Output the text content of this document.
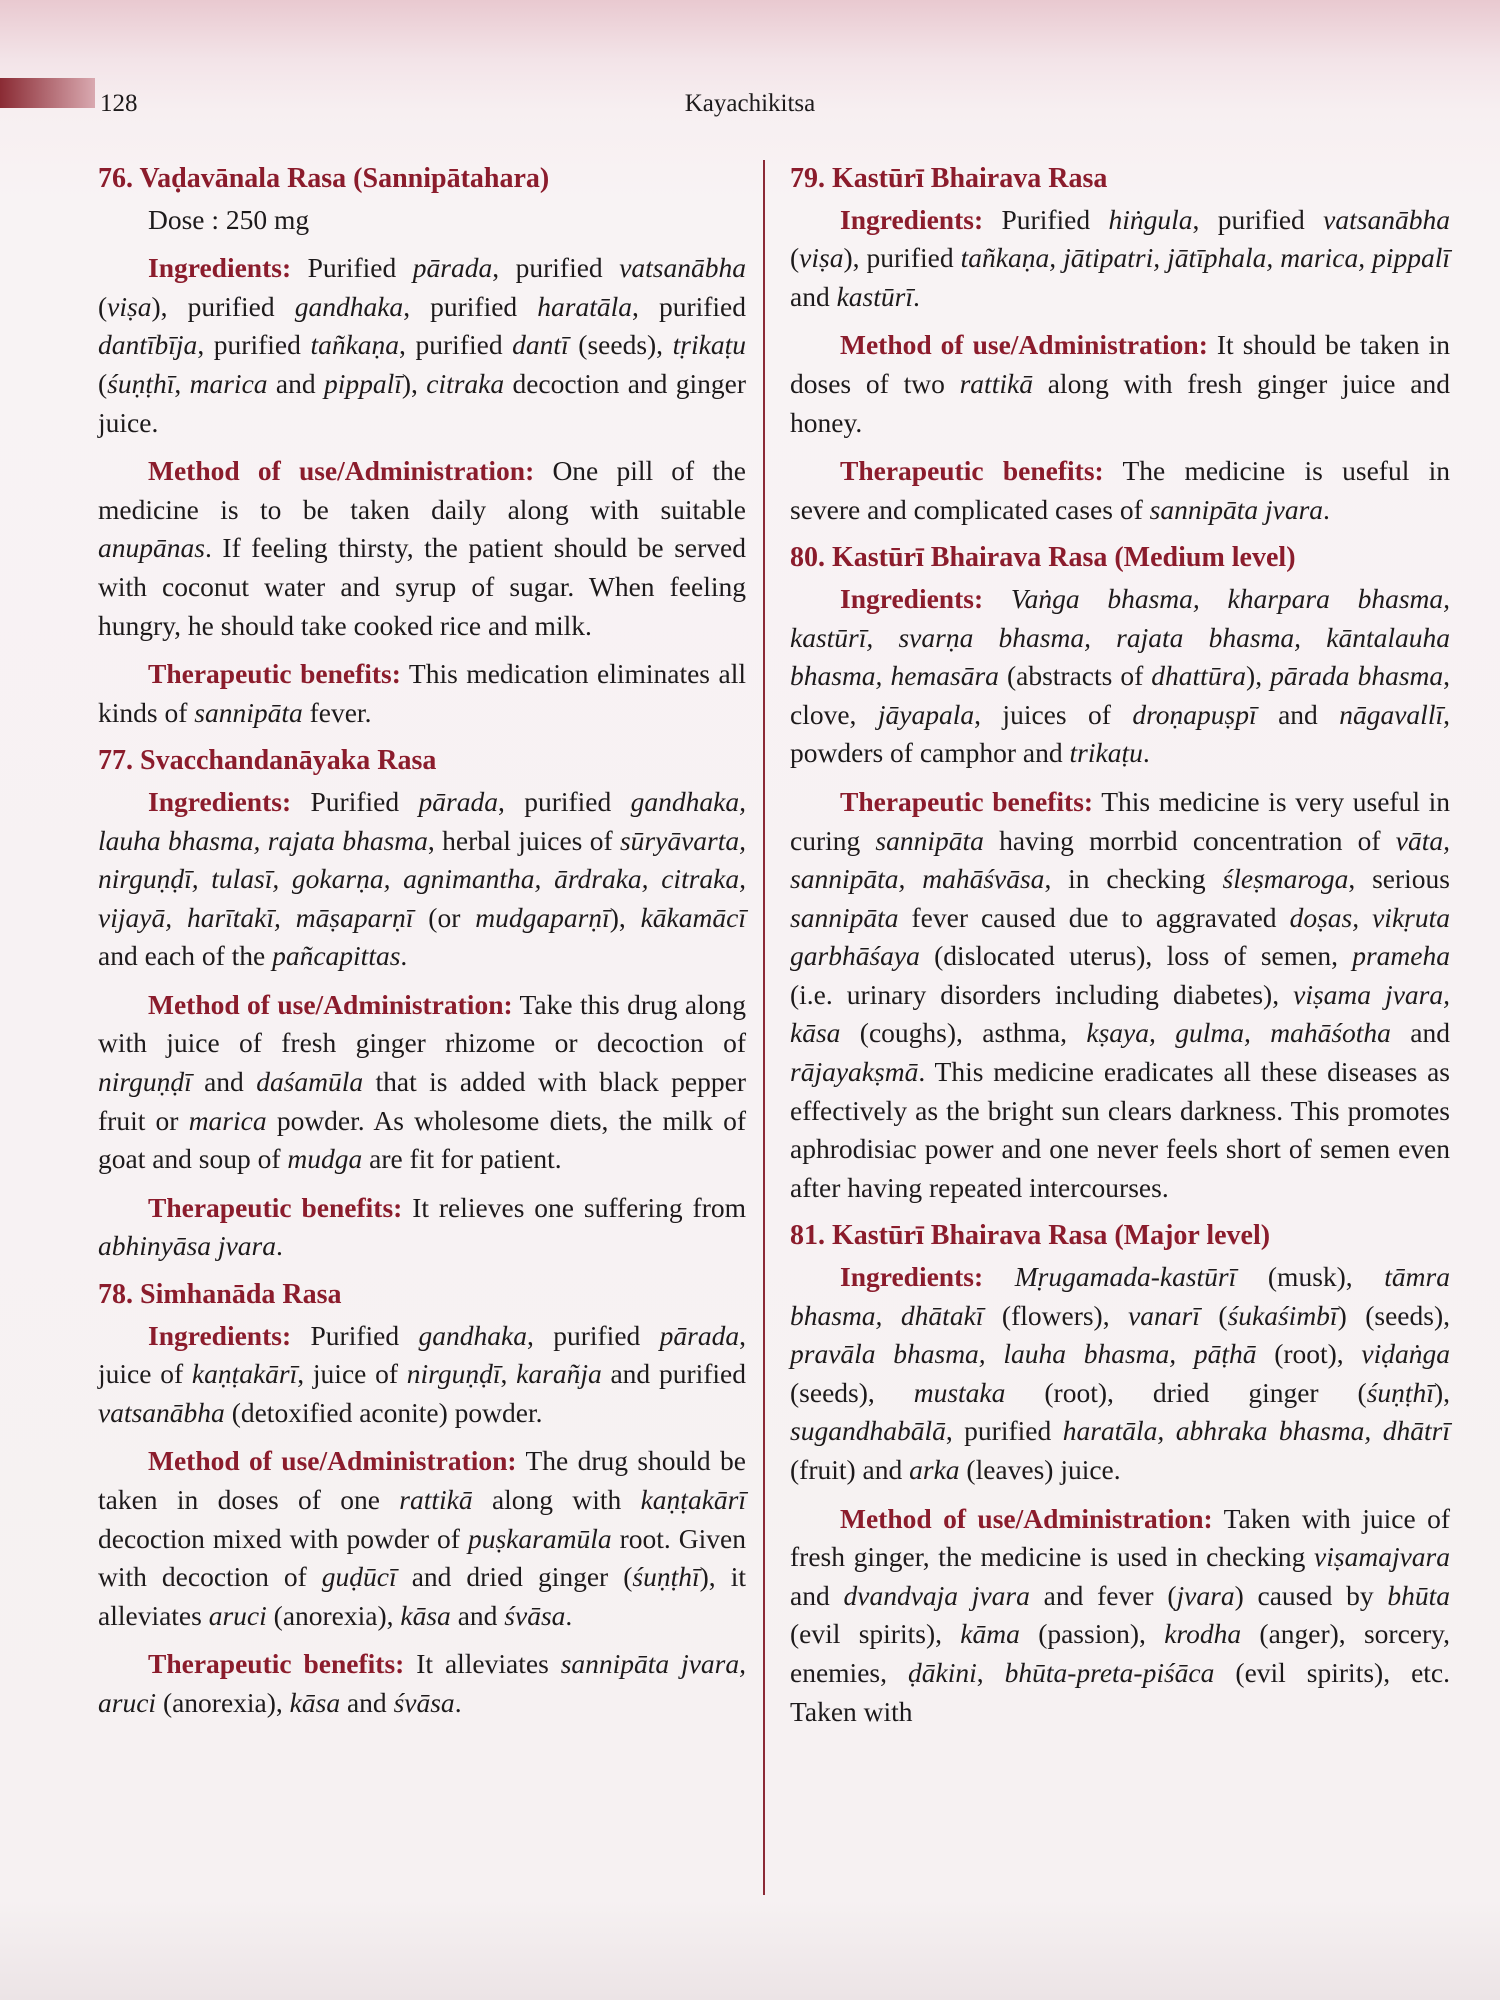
128	Kayachikitsa
76. Vaḍavānala Rasa (Sannipātahara)

Dose : 250 mg

Ingredients: Purified pārada, purified vatsanābha (viṣa), purified gandhaka, purified haratāla, purified dantībīja, purified tañkaṇa, purified dantī (seeds), tṛikaṭu (śuṇṭhī, marica and pippalī), citraka decoction and ginger juice.

Method of use/Administration: One pill of the medicine is to be taken daily along with suitable anupānas. If feeling thirsty, the patient should be served with coconut water and syrup of sugar. When feeling hungry, he should take cooked rice and milk.

Therapeutic benefits: This medication eliminates all kinds of sannipāta fever.

77. Svacchandanāyaka Rasa

Ingredients: Purified pārada, purified gandhaka, lauha bhasma, rajata bhasma, herbal juices of sūryāvarta, nirguṇḍī, tulasī, gokarṇa, agnimantha, ārdraka, citraka, vijayā, harītakī, māṣaparṇī (or mudgaparṇī), kākamācī and each of the pañcapittas.

Method of use/Administration: Take this drug along with juice of fresh ginger rhizome or decoction of nirguṇḍī and daśamūla that is added with black pepper fruit or marica powder. As wholesome diets, the milk of goat and soup of mudga are fit for patient.

Therapeutic benefits: It relieves one suffering from abhinyāsa jvara.

78. Simhanāda Rasa

Ingredients: Purified gandhaka, purified pārada, juice of kaṇṭakārī, juice of nirguṇḍī, karañja and purified vatsanābha (detoxified aconite) powder.

Method of use/Administration: The drug should be taken in doses of one rattikā along with kaṇṭakārī decoction mixed with powder of puṣkaramūla root. Given with decoction of guḍūcī and dried ginger (śuṇṭhī), it alleviates aruci (anorexia), kāsa and śvāsa.

Therapeutic benefits: It alleviates sannipāta jvara, aruci (anorexia), kāsa and śvāsa.

79. Kastūrī Bhairava Rasa

Ingredients: Purified hiṅgula, purified vatsanābha (viṣa), purified tañkaṇa, jātipatri, jātīphala, marica, pippalī and kastūrī.

Method of use/Administration: It should be taken in doses of two rattikā along with fresh ginger juice and honey.

Therapeutic benefits: The medicine is useful in severe and complicated cases of sannipāta jvara.

80. Kastūrī Bhairava Rasa (Medium level)

Ingredients: Vaṅga bhasma, kharpara bhasma, kastūrī, svarṇa bhasma, rajata bhasma, kāntalauha bhasma, hemasāra (abstracts of dhattūra), pārada bhasma, clove, jāyapala, juices of droṇapuṣpī and nāgavallī, powders of camphor and trikaṭu.

Therapeutic benefits: This medicine is very useful in curing sannipāta having morrbid concentration of vāta, sannipāta, mahāśvāsa, in checking śleṣmaroga, serious sannipāta fever caused due to aggravated doṣas, vikṛuta garbhāśaya (dislocated uterus), loss of semen, prameha (i.e. urinary disorders including diabetes), viṣama jvara, kāsa (coughs), asthma, kṣaya, gulma, mahāśotha and rājayakṣmā. This medicine eradicates all these diseases as effectively as the bright sun clears darkness. This promotes aphrodisiac power and one never feels short of semen even after having repeated intercourses.

81. Kastūrī Bhairava Rasa (Major level)

Ingredients: Mṛugamada-kastūrī (musk), tāmra bhasma, dhātakī (flowers), vanarī (śukaśimbī) (seeds), pravāla bhasma, lauha bhasma, pāṭhā (root), viḍaṅga (seeds), mustaka (root), dried ginger (śuṇṭhī), sugandhabālā, purified haratāla, abhraka bhasma, dhātrī (fruit) and arka (leaves) juice.

Method of use/Administration: Taken with juice of fresh ginger, the medicine is used in checking viṣamajvara and dvandvaja jvara and fever (jvara) caused by bhūta (evil spirits), kāma (passion), krodha (anger), sorcery, enemies, ḍākini, bhūta-preta-piśāca (evil spirits), etc. Taken with
